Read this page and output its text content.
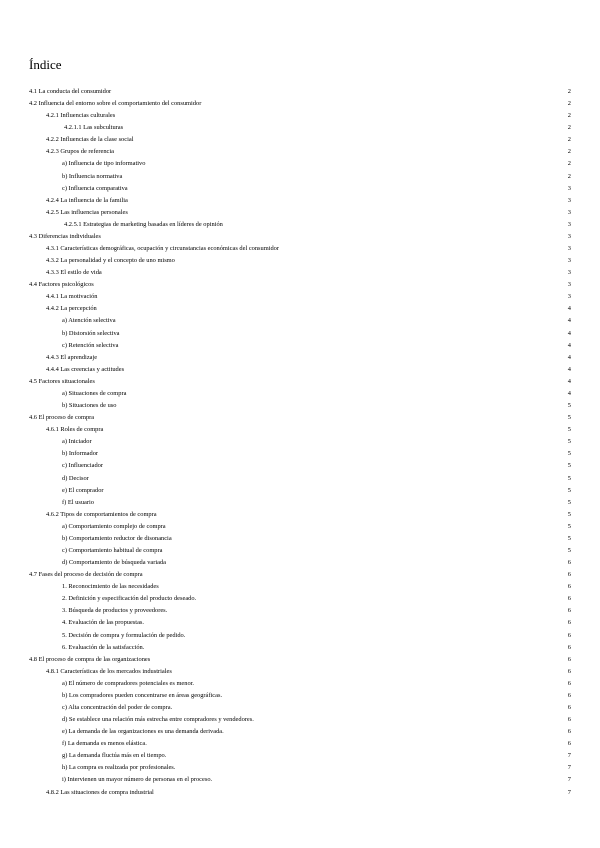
Índice
4.1 La conducta del consumidor	2
4.2 Influencia del entorno sobre el comportamiento del consumidor	2
4.2.1 Influencias culturales	2
4.2.1.1 Las subculturas	2
4.2.2 Influencias de la clase social	2
4.2.3 Grupos de referencia	2
a) Influencia de tipo informativo	2
b) Influencia normativa	2
c) Influencia comparativa	3
4.2.4 La influencia de la familia	3
4.2.5 Las influencias personales	3
4.2.5.1 Estrategias de marketing basadas en líderes de opinión	3
4.3 Diferencias individuales	3
4.3.1 Características demográficas, ocupación y circunstancias económicas del consumidor	3
4.3.2 La personalidad y el concepto de uno mismo	3
4.3.3 El estilo de vida	3
4.4 Factores psicológicos	3
4.4.1 La motivación	3
4.4.2 La percepción	4
a) Atención selectiva	4
b) Distorsión selectiva	4
c) Retención selectiva	4
4.4.3 El aprendizaje	4
4.4.4 Las creencias y actitudes	4
4.5 Factores situacionales	4
a) Situaciones de compra	4
b) Situaciones de uso	5
4.6 El proceso de compra	5
4.6.1 Roles de compra	5
a) Iniciador	5
b) Informador	5
c) Influenciador	5
d) Decisor	5
e) El comprador	5
f) El usuario	5
4.6.2 Tipos de comportamientos de compra	5
a) Comportamiento complejo de compra	5
b) Comportamiento reductor de disonancia	5
c) Comportamiento habitual de compra	5
d) Comportamiento de búsqueda variada	6
4.7 Fases del proceso de decisión de compra	6
1. Reconocimiento de las necesidades	6
2. Definición y especificación del producto deseado.	6
3. Búsqueda de productos y proveedores.	6
4. Evaluación de las propuestas.	6
5. Decisión de compra y formulación de pedido.	6
6. Evaluación de la satisfacción.	6
4.8 El proceso de compra de las organizaciones	6
4.8.1 Características de los mercados industriales	6
a) El número de compradores potenciales es menor.	6
b) Los compradores pueden concentrarse en áreas geográficas.	6
c) Alta concentración del poder de compra.	6
d) Se establece una relación más estrecha entre compradores y vendedores.	6
e) La demanda de las organizaciones es una demanda derivada.	6
f) La demanda es menos elástica.	6
g) La demanda fluctúa más en el tiempo.	7
h) La compra es realizada por profesionales.	7
i) Intervienen un mayor número de personas en el proceso.	7
4.8.2 Las situaciones de compra industrial	7
